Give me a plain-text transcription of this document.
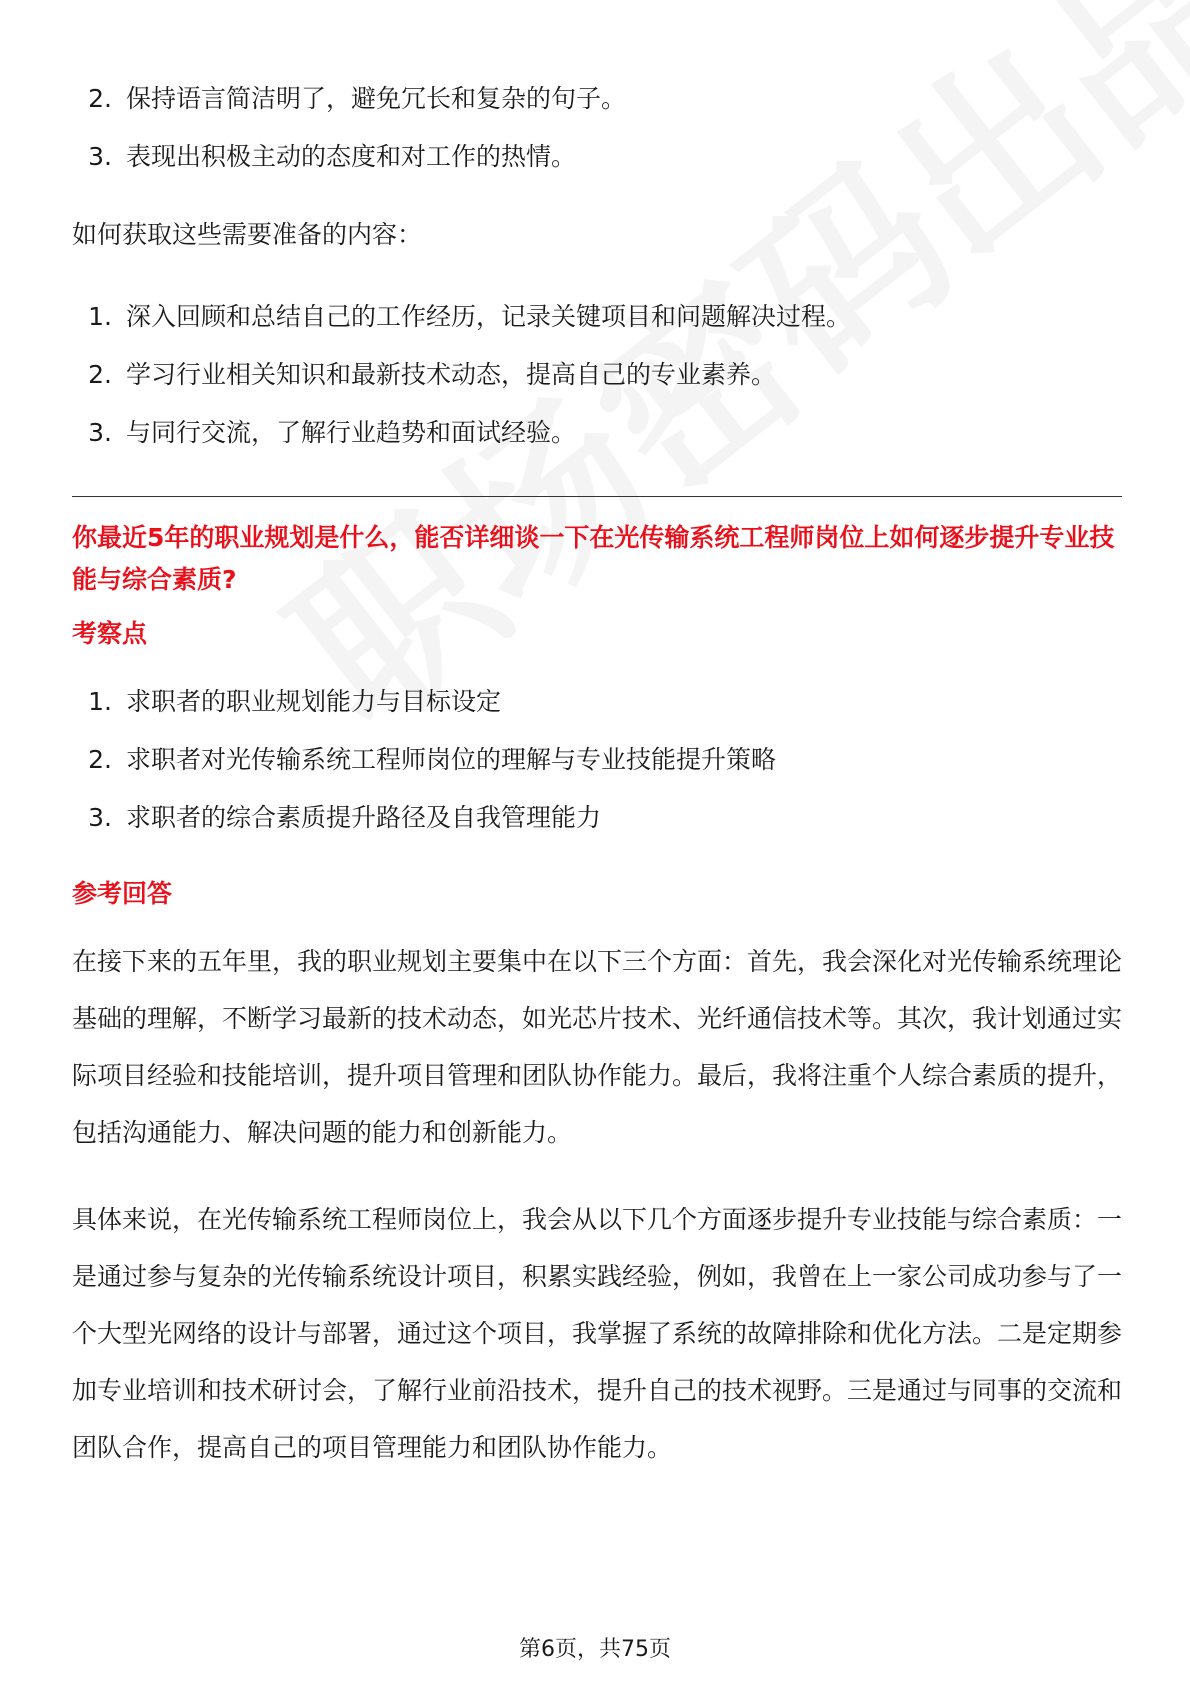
2. 保持语言简洁明了，避免冗长和复杂的句子。
3. 表现出积极主动的态度和对工作的热情。

如何获取这些需要准备的内容：

1. 深入回顾和总结自己的工作经历，记录关键项目和问题解决过程。
2. 学习行业相关知识和最新技术动态，提高自己的专业素养。
3. 与同行交流，了解行业趋势和面试经验。

你最近5年的职业规划是什么，能否详细谈一下在光传输系统工程师岗位上如何逐步提升专业技能与综合素质?

考察点
1. 求职者的职业规划能力与目标设定
2. 求职者对光传输系统工程师岗位的理解与专业技能提升策略
3. 求职者的综合素质提升路径及自我管理能力
参考回答

在接下来的五年里，我的职业规划主要集中在以下三个方面：首先，我会深化对光传输系统理论基础的理解，不断学习最新的技术动态，如光芯片技术、光纤通信技术等。其次，我计划通过实际项目经验和技能培训，提升项目管理和团队协作能力。最后，我将注重个人综合素质的提升，包括沟通能力、解决问题的能力和创新能力。

具体来说，在光传输系统工程师岗位上，我会从以下几个方面逐步提升专业技能与综合素质：一是通过参与复杂的光传输系统设计项目，积累实践经验，例如，我曾在上一家公司成功参与了一个大型光网络的设计与部署，通过这个项目，我掌握了系统的故障排除和优化方法。二是定期参加专业培训和技术研讨会，了解行业前沿技术，提升自己的技术视野。三是通过与同事的交流和团队合作，提高自己的项目管理能力和团队协作能力。

第6页，共75页
